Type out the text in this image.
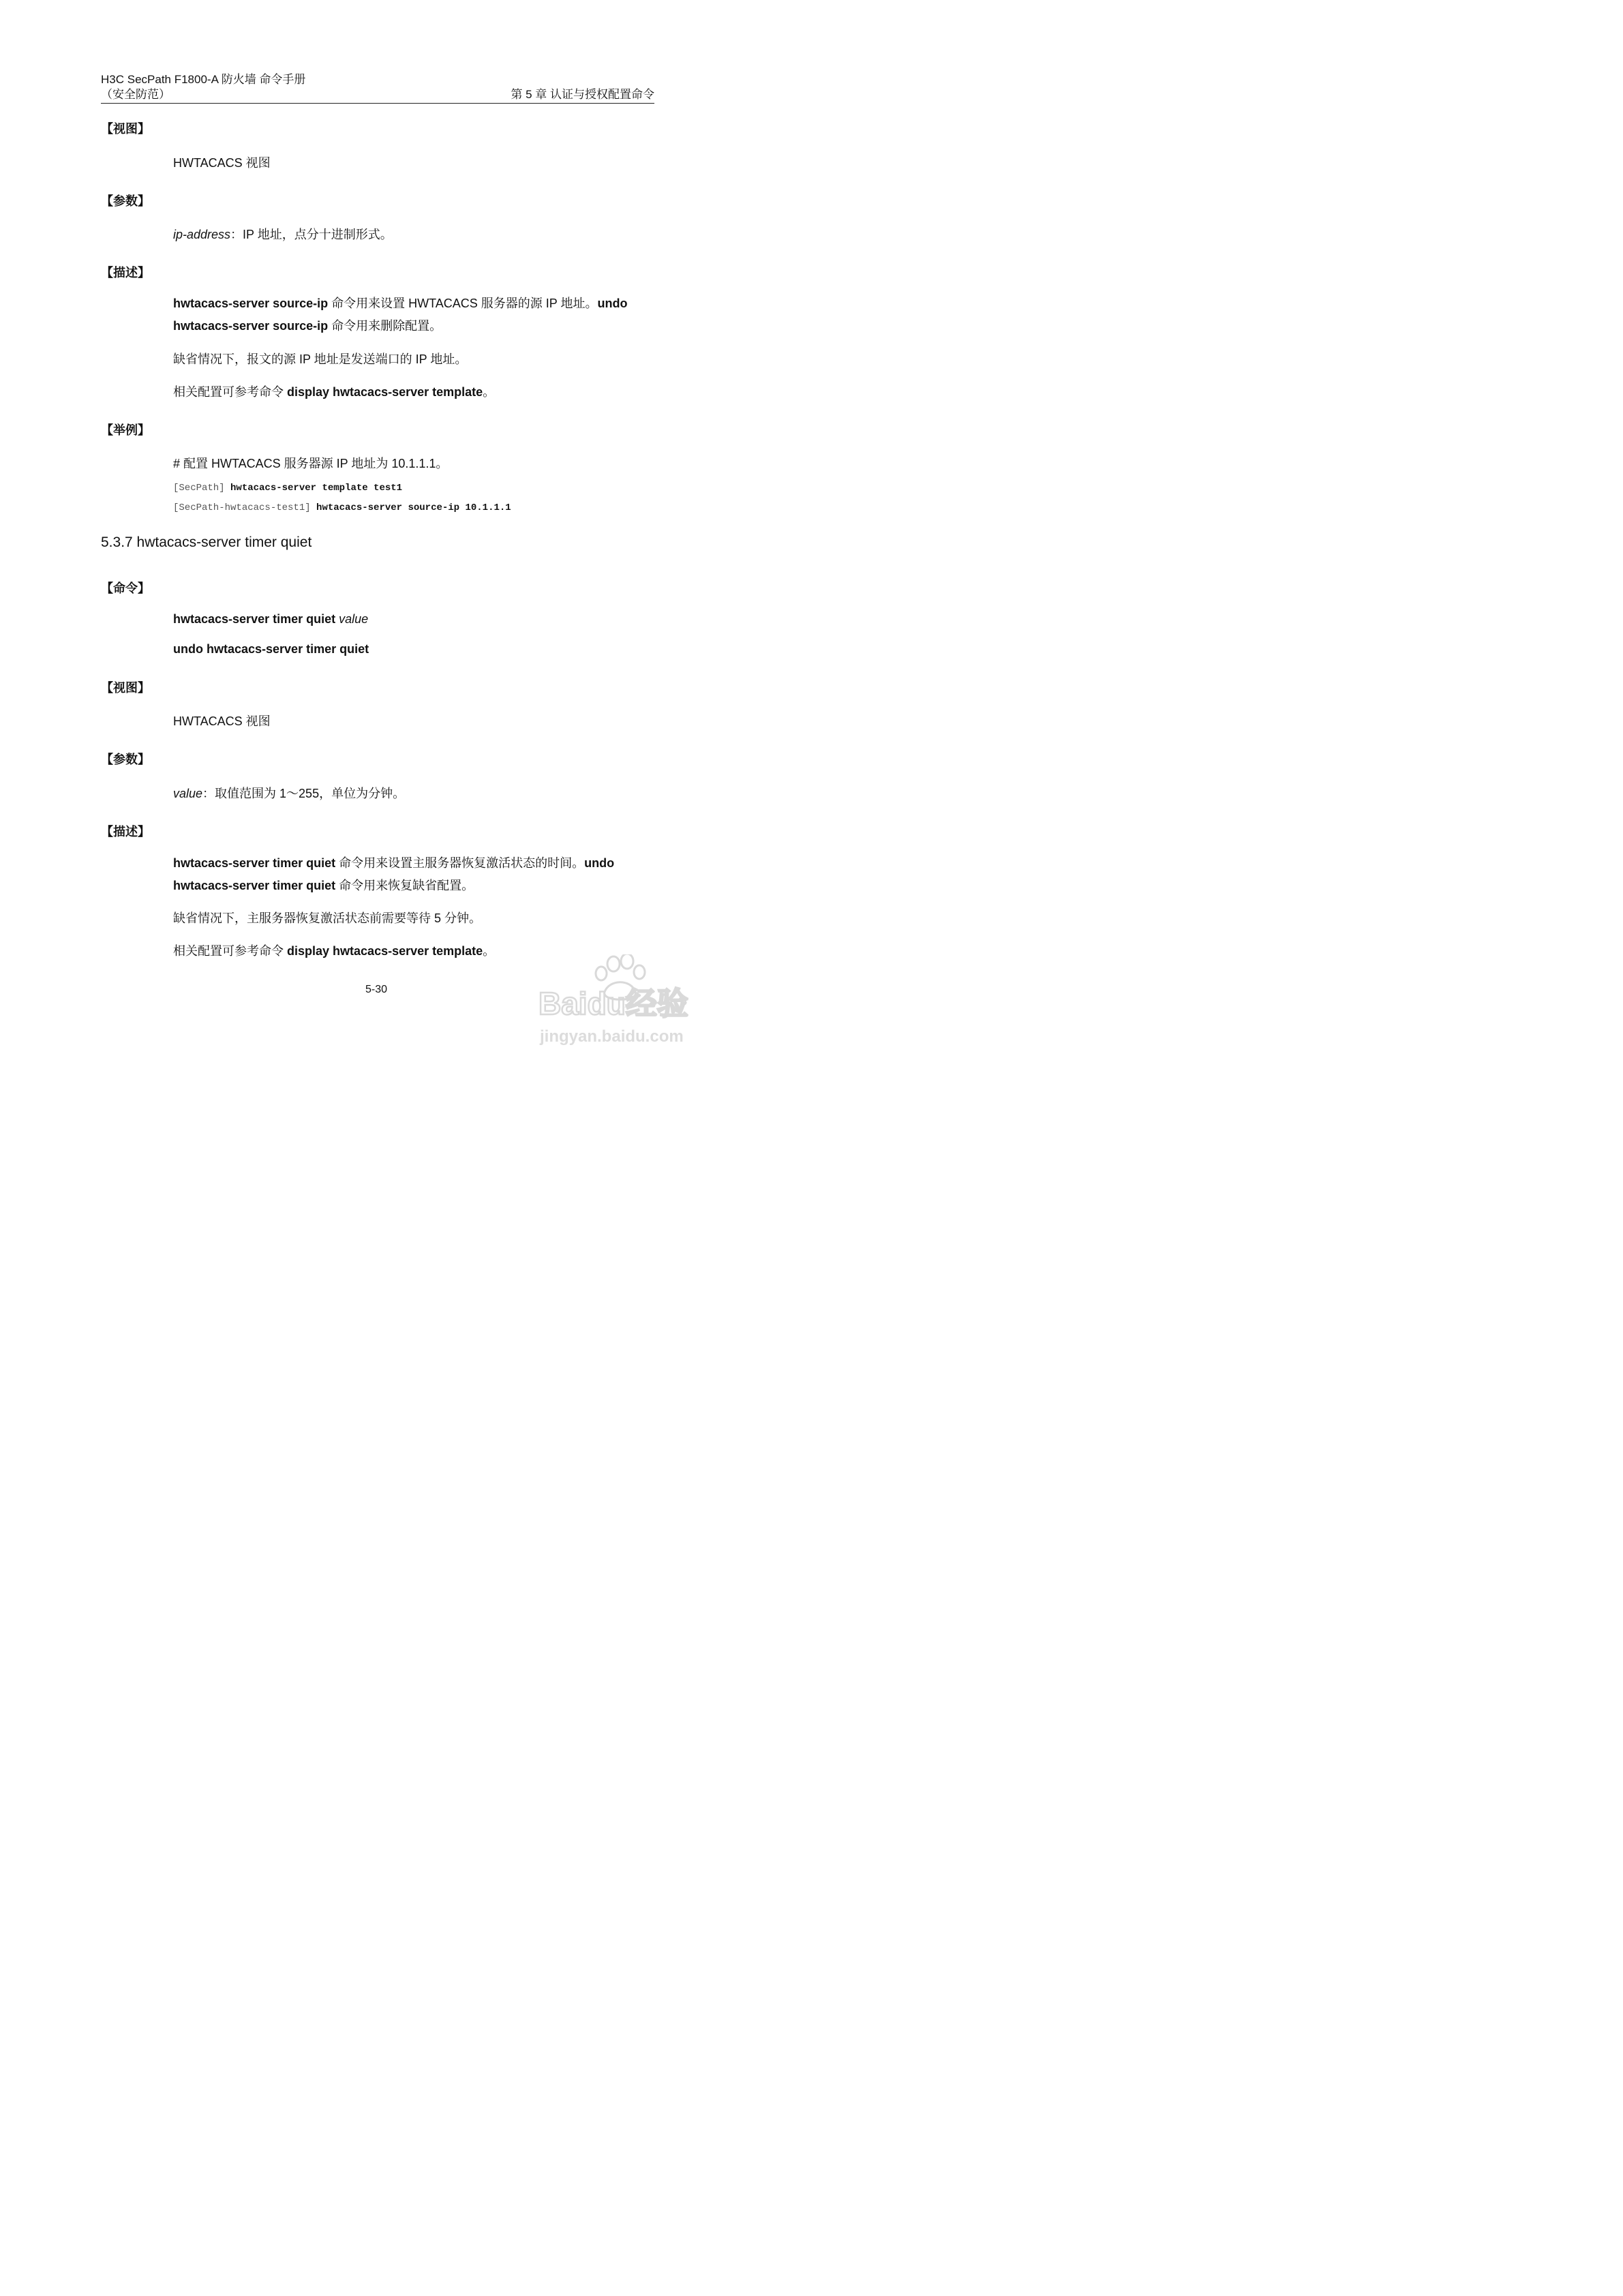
H3C SecPath F1800-A 防火墙 命令手册
（安全防范）	第 5 章 认证与授权配置命令
【视图】
HWTACACS 视图
【参数】
ip-address：IP 地址，点分十进制形式。
【描述】
hwtacacs-server source-ip 命令用来设置 HWTACACS 服务器的源 IP 地址。undo hwtacacs-server source-ip 命令用来删除配置。
缺省情况下，报文的源 IP 地址是发送端口的 IP 地址。
相关配置可参考命令 display hwtacacs-server template。
【举例】
# 配置 HWTACACS 服务器源 IP 地址为 10.1.1.1。
[SecPath] hwtacacs-server template test1
[SecPath-hwtacacs-test1] hwtacacs-server source-ip 10.1.1.1
5.3.7 hwtacacs-server timer quiet
【命令】
hwtacacs-server timer quiet value
undo hwtacacs-server timer quiet
【视图】
HWTACACS 视图
【参数】
value：取值范围为 1～255，单位为分钟。
【描述】
hwtacacs-server timer quiet 命令用来设置主服务器恢复激活状态的时间。undo hwtacacs-server timer quiet 命令用来恢复缺省配置。
缺省情况下，主服务器恢复激活状态前需要等待 5 分钟。
相关配置可参考命令 display hwtacacs-server template。
5-30	Baidu经验
jingyan.baidu.com
